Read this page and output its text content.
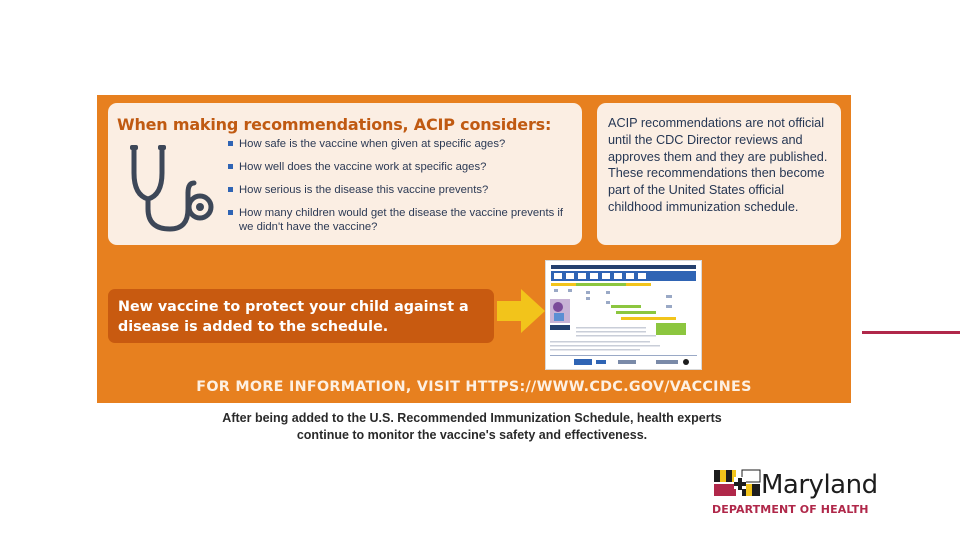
When making recommendations, ACIP considers:
How safe is the vaccine when given at specific ages?
How well does the vaccine work at specific ages?
How serious is the disease this vaccine prevents?
How many children would get the disease the vaccine prevents if we didn't have the vaccine?
ACIP recommendations are not official until the CDC Director reviews and approves them and they are published. These recommendations then become part of the United States official childhood immunization schedule.
New vaccine to protect your child against a disease is added to the schedule.
FOR MORE INFORMATION, VISIT HTTPS://WWW.CDC.GOV/VACCINES
After being added to the U.S. Recommended Immunization Schedule, health experts continue to monitor the vaccine's safety and effectiveness.
Maryland
DEPARTMENT OF HEALTH
